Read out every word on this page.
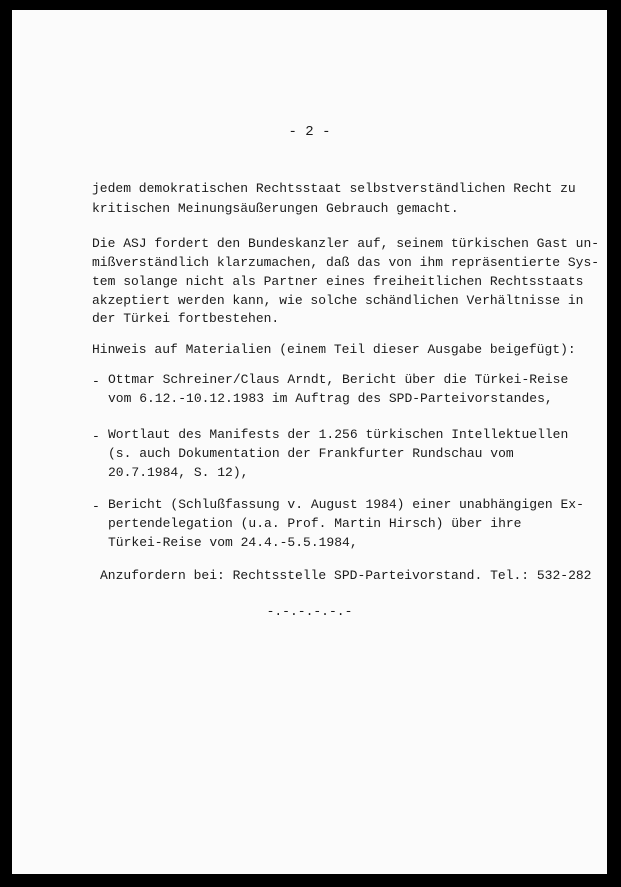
- 2 -
jedem demokratischen Rechtsstaat selbstverständlichen Recht zu
kritischen Meinungsäußerungen Gebrauch gemacht.
Die ASJ fordert den Bundeskanzler auf, seinem türkischen Gast un-
mißverständlich klarzumachen, daß das von ihm repräsentierte Sys-
tem solange nicht als Partner eines freiheitlichen Rechtsstaats
akzeptiert werden kann, wie solche schändlichen Verhältnisse in
der Türkei fortbestehen.
Hinweis auf Materialien (einem Teil dieser Ausgabe beigefügt):
- Ottmar Schreiner/Claus Arndt, Bericht über die Türkei-Reise
vom 6.12.-10.12.1983 im Auftrag des SPD-Parteivorstandes,
- Wortlaut des Manifests der 1.256 türkischen Intellektuellen
(s. auch Dokumentation der Frankfurter Rundschau vom
20.7.1984, S. 12),
- Bericht (Schlußfassung v. August 1984) einer unabhängigen Ex-
pertendelegation (u.a. Prof. Martin Hirsch) über ihre
Türkei-Reise vom 24.4.-5.5.1984,
Anzufordern bei: Rechtsstelle SPD-Parteivorstand. Tel.: 532-282
-.-.-.-.-.-
